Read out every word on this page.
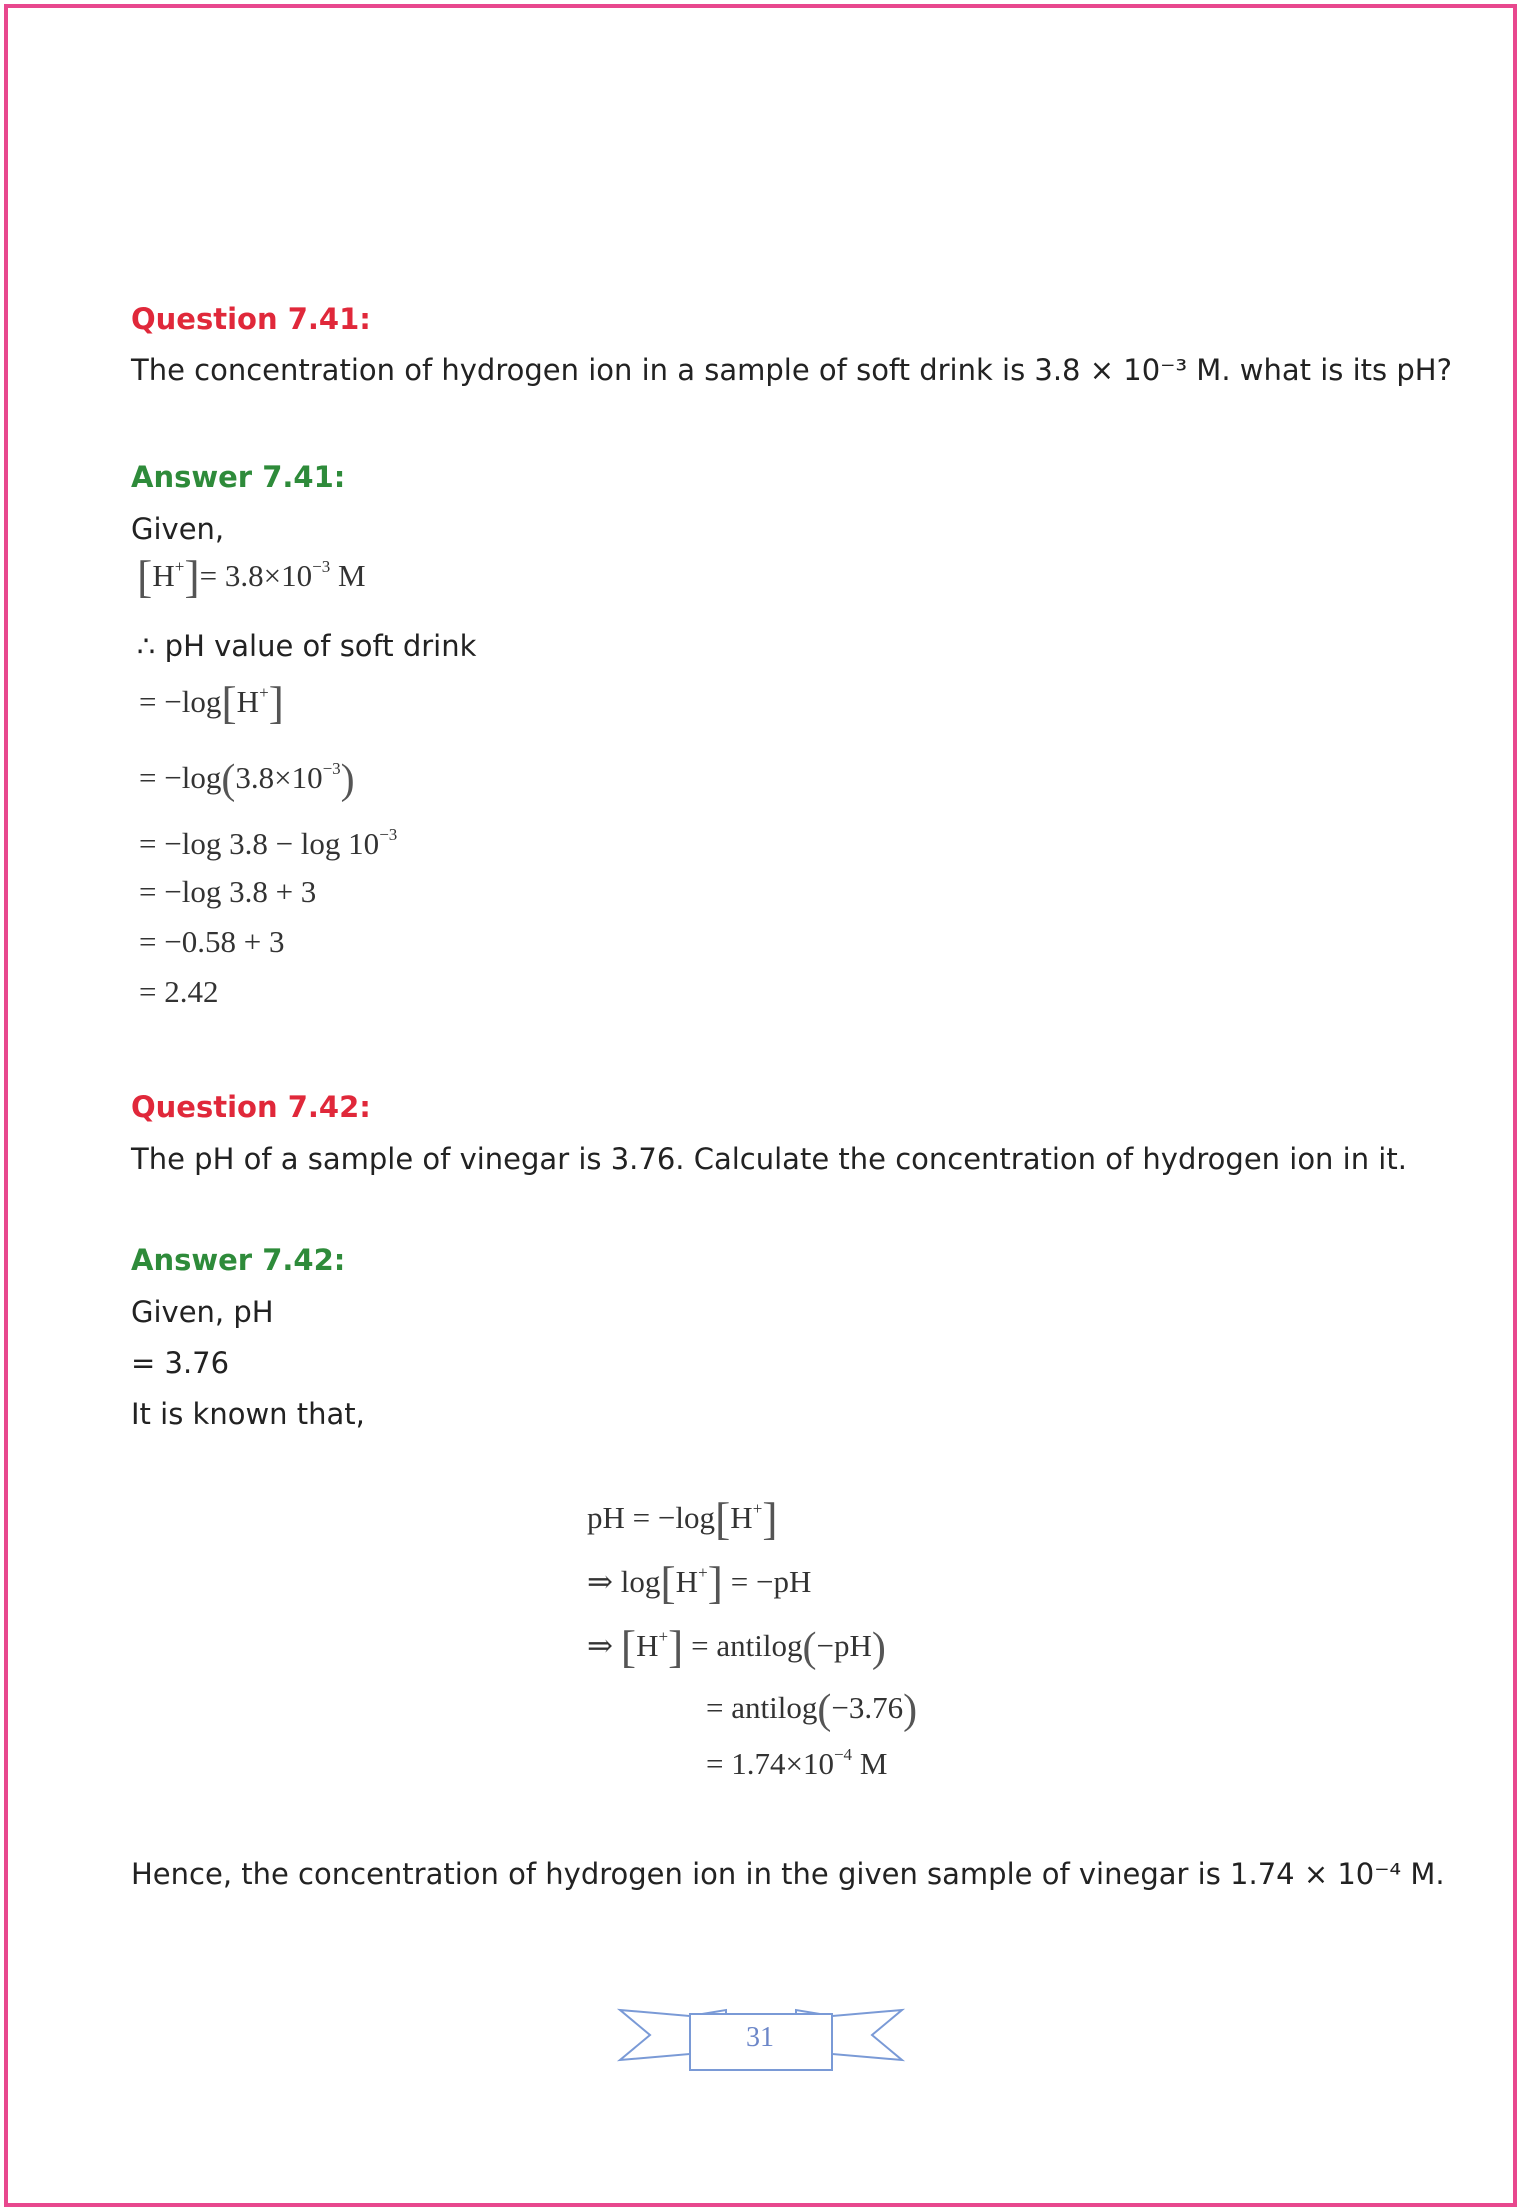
Question 7.41:
The concentration of hydrogen ion in a sample of soft drink is 3.8 × 10⁻³ M. what is its pH?
Answer 7.41:
Given,
$[H^+]= 3.8\times 10^{-3}$ M
∴ pH value of soft drink
= −log[H+]
= $-\log(3.8\times 10^{-3})$
= −log $3.8 - \log 10^{-3}$
= −log 3.8 + 3
= −0.58 + 3
= 2.42
Question 7.42:
The pH of a sample of vinegar is 3.76. Calculate the concentration of hydrogen ion in it.
Answer 7.42:
Given, pH
= 3.76
It is known that,
pH = −log[H+]
⇒ log[H+] = −pH
⇒ [H+] = antilog(−pH)
= antilog(−3.76)
= $1.74\times 10^{-4}$ M
Hence, the concentration of hydrogen ion in the given sample of vinegar is 1.74 × 10⁻⁴ M.
31
